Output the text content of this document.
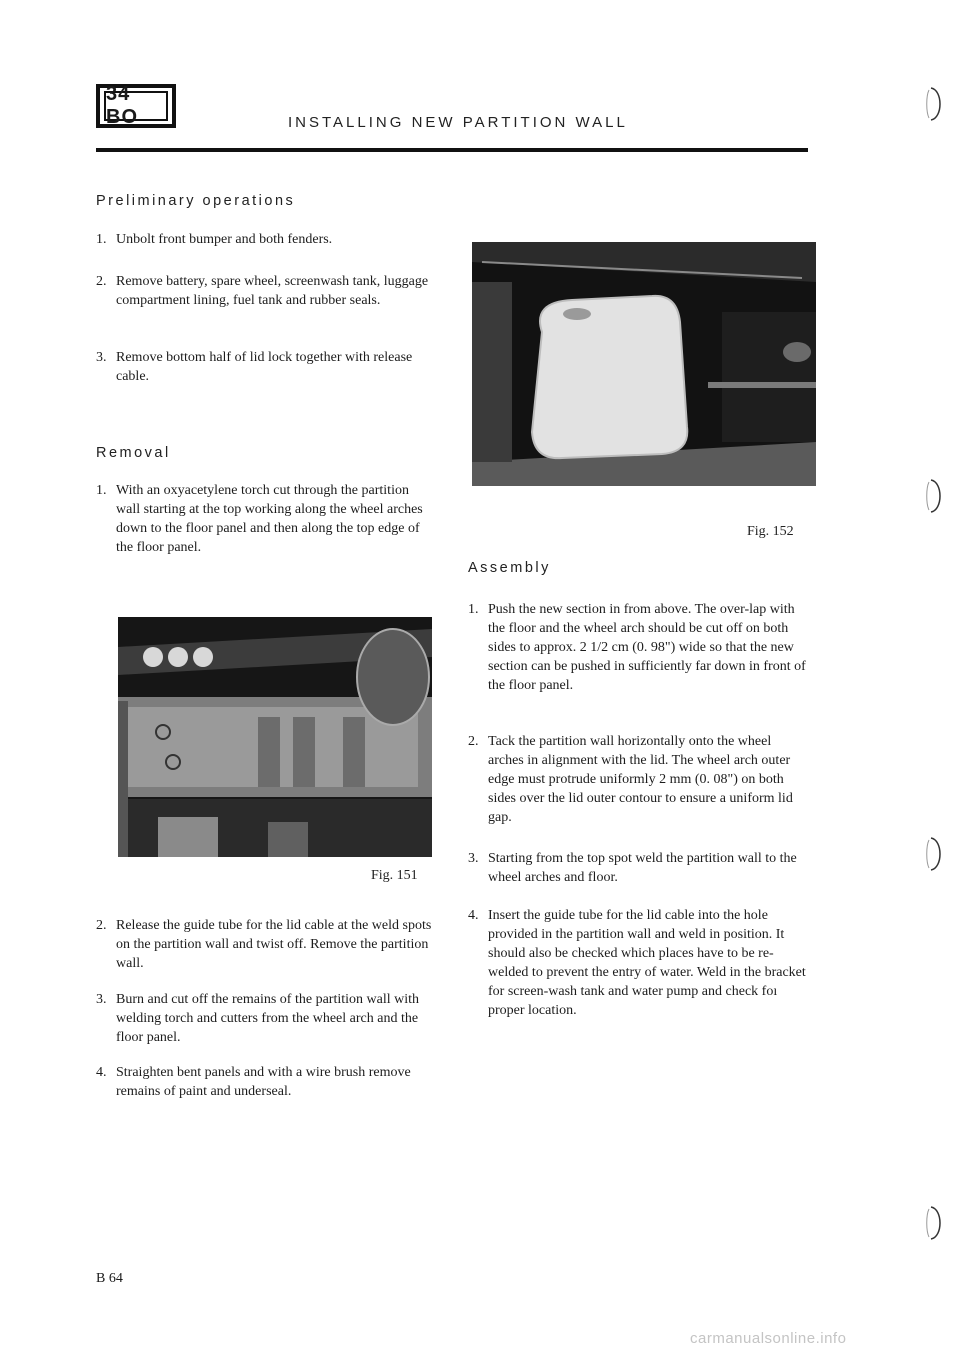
34 BO	INSTALLING NEW PARTITION WALL
Preliminary operations
1. Unbolt front bumper and both fenders.
2. Remove battery, spare wheel, screenwash tank, luggage compartment lining, fuel tank and rubber seals.
3. Remove bottom half of lid lock together with release cable.
Removal
1. With an oxyacetylene torch cut through the partition wall starting at the top working along the wheel arches down to the floor panel and then along the top edge of the floor panel.
Fig. 151
2. Release the guide tube for the lid cable at the weld spots on the partition wall and twist off. Remove the partition wall.
3. Burn and cut off the remains of the partition wall with welding torch and cutters from the wheel arch and the floor panel.
4. Straighten bent panels and with a wire brush remove remains of paint and underseal.
Fig. 152
Assembly
1. Push the new section in from above. The over-lap with the floor and the wheel arch should be cut off on both sides to approx. 2 1/2 cm (0. 98") wide so that the new section can be pushed in sufficiently far down in front of the floor panel.
2. Tack the partition wall horizontally onto the wheel arches in alignment with the lid. The wheel arch outer edge must protrude uniformly 2 mm (0. 08") on both sides over the lid outer contour to ensure a uniform lid gap.
3. Starting from the top spot weld the partition wall to the wheel arches and floor.
4. Insert the guide tube for the lid cable into the hole provided in the partition wall and weld in position. It should also be checked which places have to be re-welded to prevent the entry of water. Weld in the bracket for screen-wash tank and water pump and check foı proper location.
B 64
carmanualsonline.info
